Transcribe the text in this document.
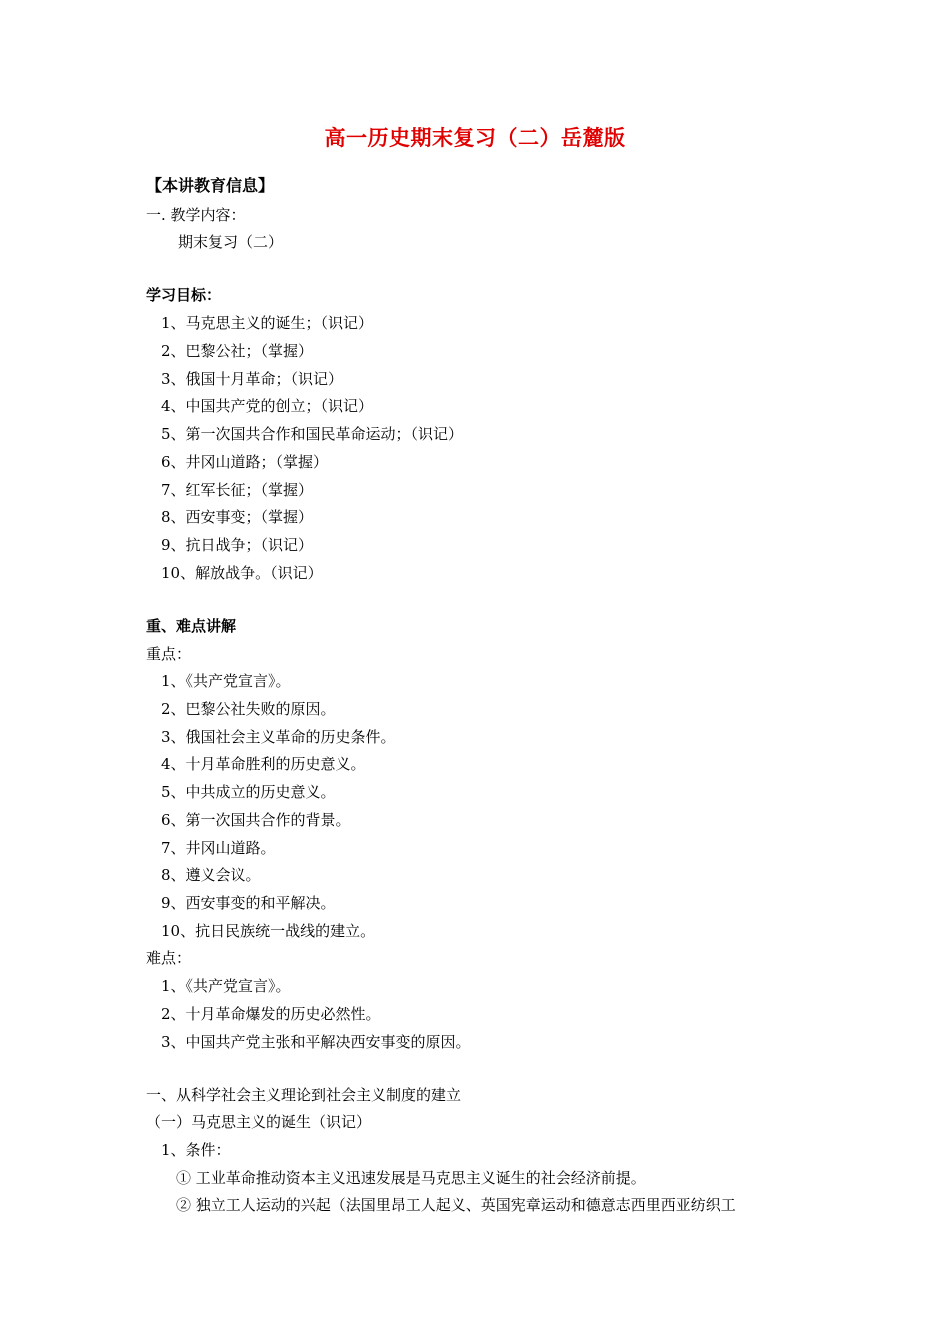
高一历史期末复习（二）岳麓版
【本讲教育信息】
一. 教学内容：
期末复习（二）
学习目标：
1、马克思主义的诞生；（识记）
2、巴黎公社；（掌握）
3、俄国十月革命；（识记）
4、中国共产党的创立；（识记）
5、第一次国共合作和国民革命运动；（识记）
6、井冈山道路；（掌握）
7、红军长征；（掌握）
8、西安事变；（掌握）
9、抗日战争；（识记）
10、解放战争。（识记）
重、难点讲解
重点：
1、《共产党宣言》。
2、巴黎公社失败的原因。
3、俄国社会主义革命的历史条件。
4、十月革命胜利的历史意义。
5、中共成立的历史意义。
6、第一次国共合作的背景。
7、井冈山道路。
8、遵义会议。
9、西安事变的和平解决。
10、抗日民族统一战线的建立。
难点：
1、《共产党宣言》。
2、十月革命爆发的历史必然性。
3、中国共产党主张和平解决西安事变的原因。
一、从科学社会主义理论到社会主义制度的建立
（一）马克思主义的诞生（识记）
1、条件：
① 工业革命推动资本主义迅速发展是马克思主义诞生的社会经济前提。
② 独立工人运动的兴起（法国里昂工人起义、英国宪章运动和德意志西里西亚纺织工
